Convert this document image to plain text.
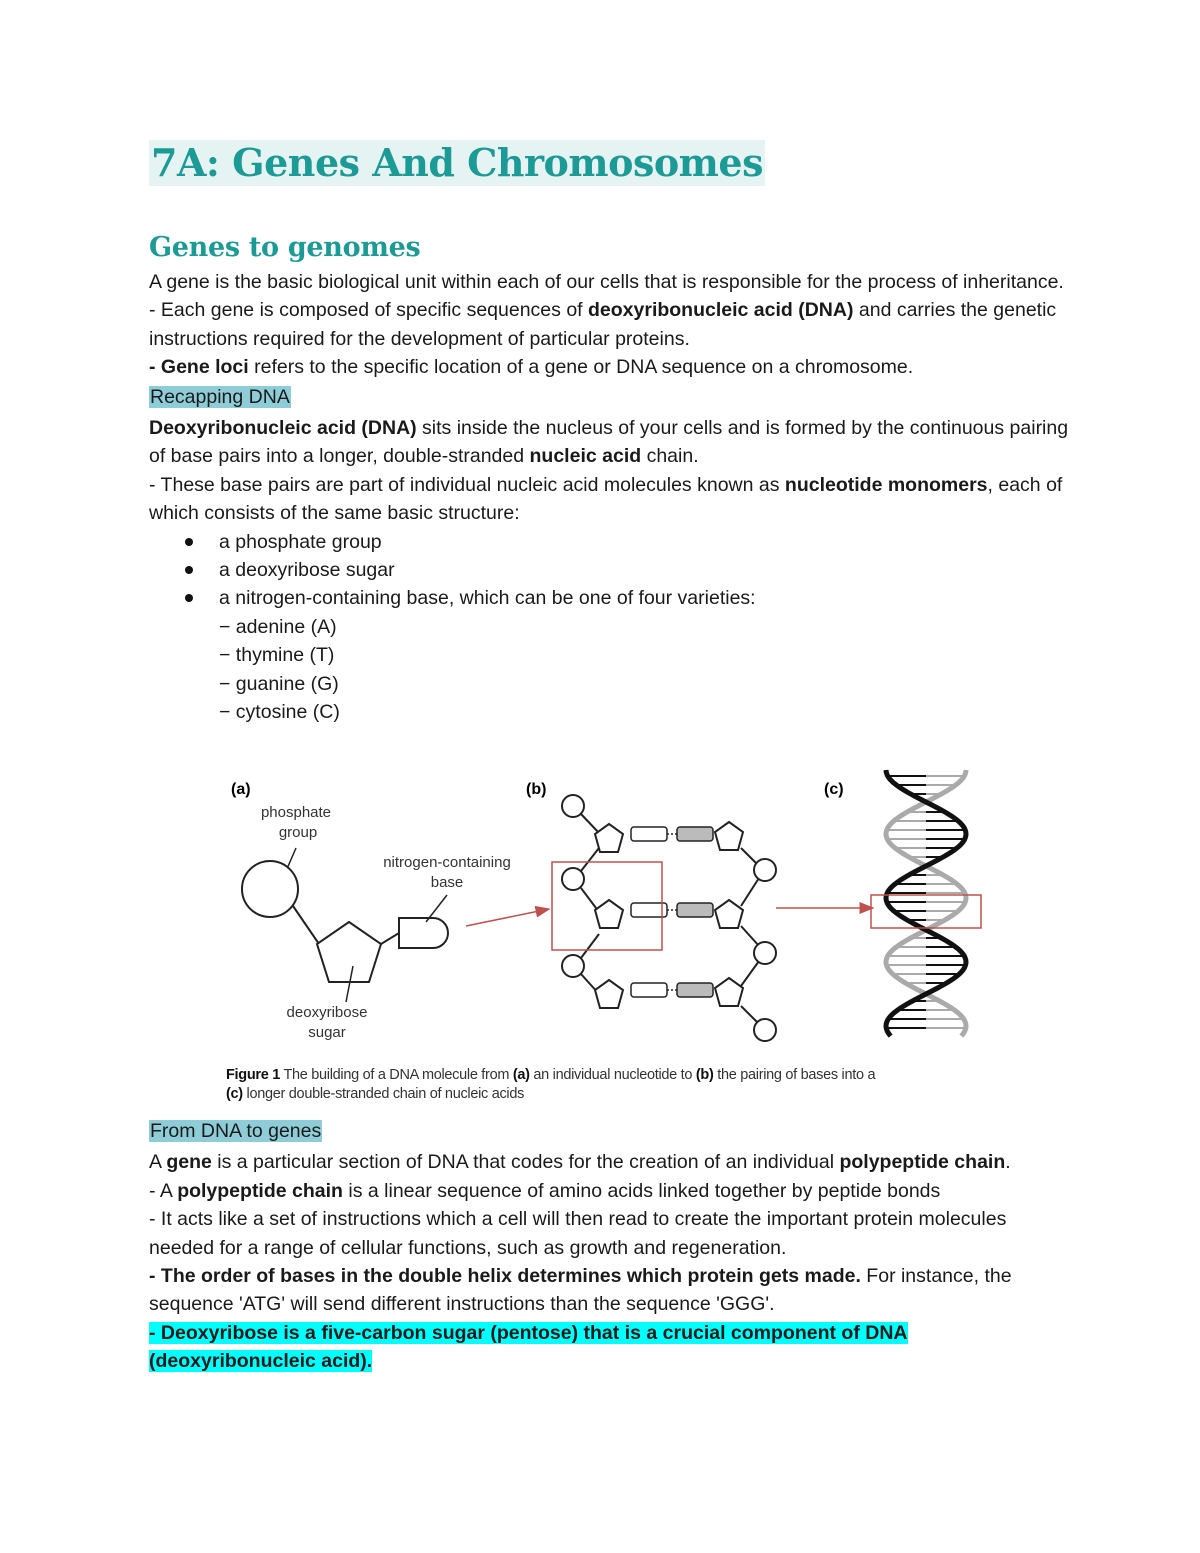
7A: Genes And Chromosomes
Genes to genomes

A gene is the basic biological unit within each of our cells that is responsible for the process of inheritance.

- Each gene is composed of specific sequences of deoxyribonucleic acid (DNA) and carries the genetic instructions required for the development of particular proteins.

- Gene loci refers to the specific location of a gene or DNA sequence on a chromosome.

Recapping DNA

Deoxyribonucleic acid (DNA) sits inside the nucleus of your cells and is formed by the continuous pairing of base pairs into a longer, double-stranded nucleic acid chain.

- These base pairs are part of individual nucleic acid molecules known as nucleotide monomers, each of which consists of the same basic structure:

a phosphate group
a deoxyribose sugar
a nitrogen-containing base, which can be one of four varieties:
− adenine (A)
− thymine (T)
− guanine (G)
− cytosine (C)

From DNA to genes

A gene is a particular section of DNA that codes for the creation of an individual polypeptide chain.

- A polypeptide chain is a linear sequence of amino acids linked together by peptide bonds

- It acts like a set of instructions which a cell will then read to create the important protein molecules needed for a range of cellular functions, such as growth and regeneration.

- The order of bases in the double helix determines which protein gets made. For instance, the sequence 'ATG' will send different instructions than the sequence 'GGG'.

- Deoxyribose is a five-carbon sugar (pentose) that is a crucial component of DNA (deoxyribonucleic acid).

(a)
phosphate
group
nitrogen-containing
base
deoxyribose
sugar
(b)	(c)
Figure 1 The building of a DNA molecule from (a) an individual nucleotide to (b) the pairing of bases into a
(c) longer double-stranded chain of nucleic acids
